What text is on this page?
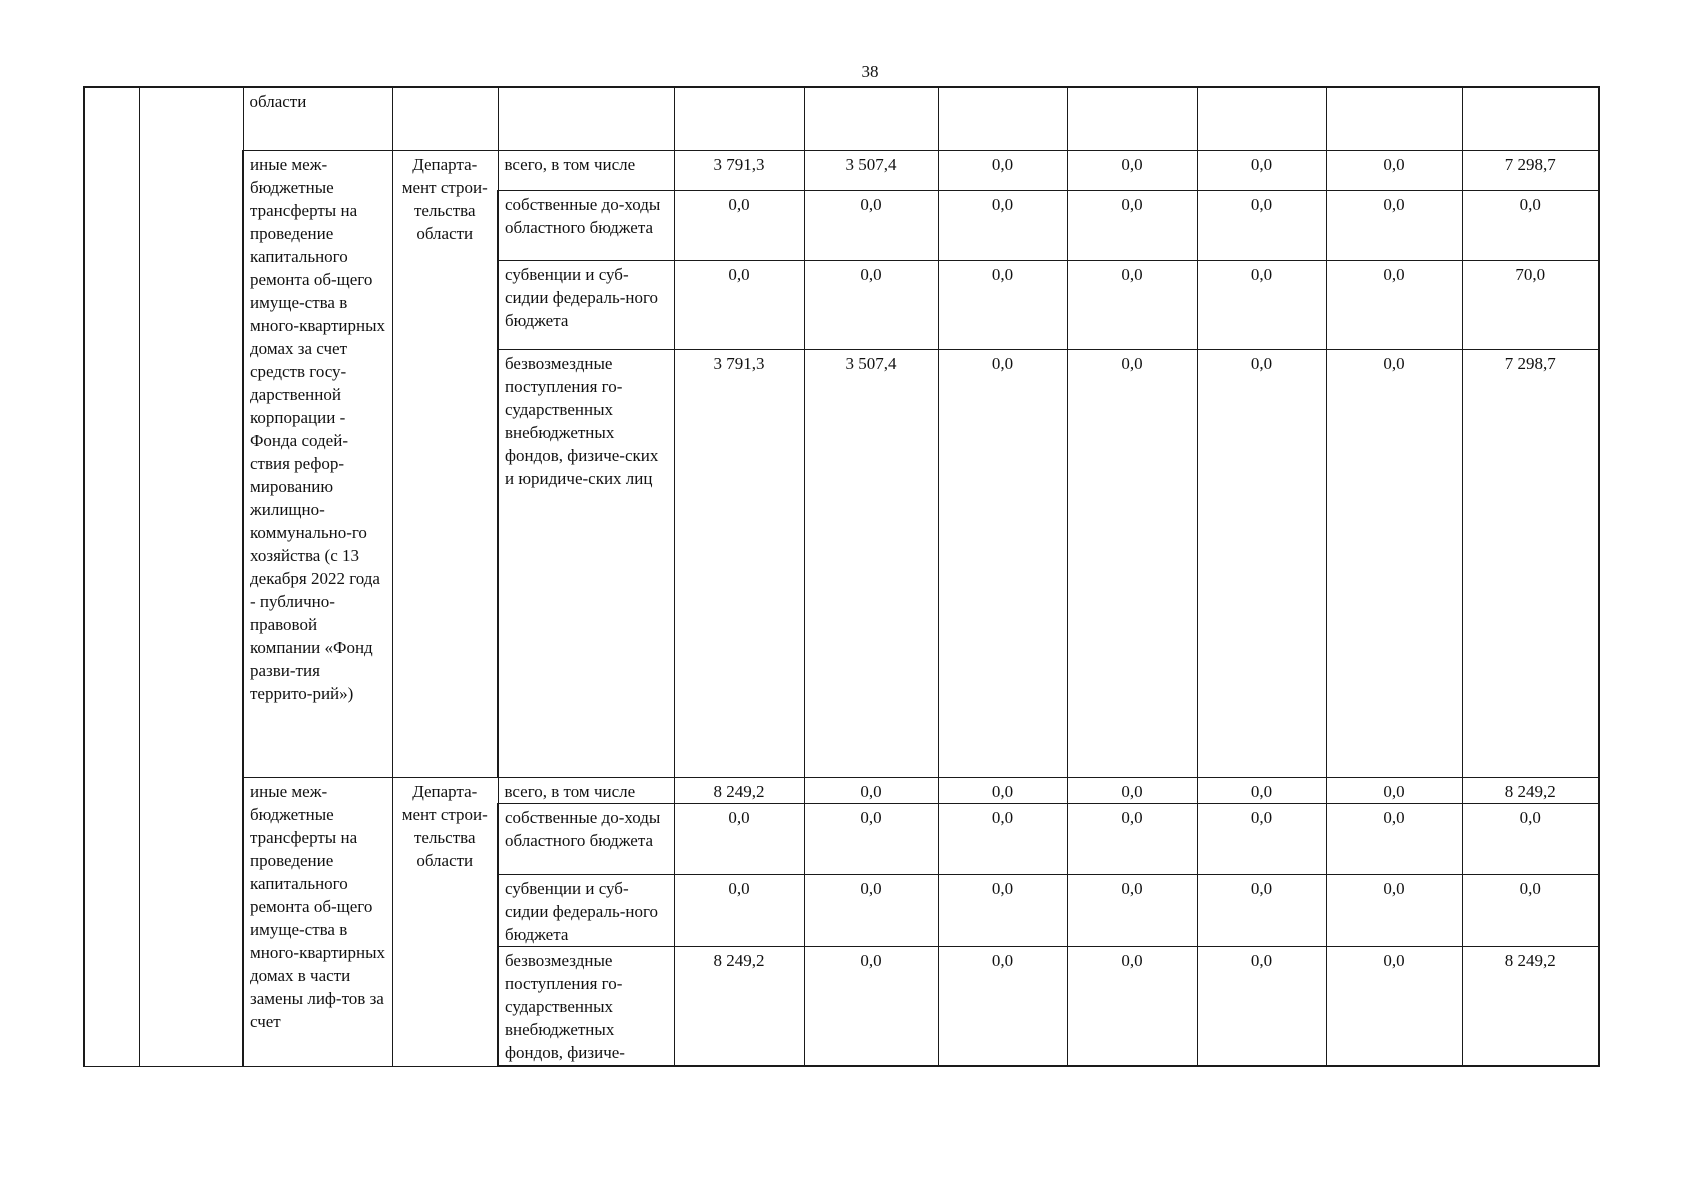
38
		области									
		иные меж-бюджетные трансферты на проведение капитального ремонта об-щего имуще-ства в много-квартирных домах за счет средств госу-дарственной корпорации - Фонда содей-ствия рефор-мированию жилищно-коммунально-го хозяйства (с 13 декабря 2022 года - публично-правовой компании «Фонд разви-тия террито-рий»)	Департа-мент строи-тельства области	всего, в том числе	3 791,3	3 507,4	0,0	0,0	0,0	0,0	7 298,7
				собственные до-ходы областного бюджета	0,0	0,0	0,0	0,0	0,0	0,0	0,0
				субвенции и суб-сидии федераль-ного бюджета	0,0	0,0	0,0	0,0	0,0	0,0	70,0
				безвозмездные поступления го-сударственных внебюджетных фондов, физиче-ских и юридиче-ских лиц	3 791,3	3 507,4	0,0	0,0	0,0	0,0	7 298,7
		иные меж-бюджетные трансферты на проведение капитального ремонта об-щего имуще-ства в много-квартирных домах в части замены лиф-тов за счет	Департа-мент строи-тельства области	всего, в том числе	8 249,2	0,0	0,0	0,0	0,0	0,0	8 249,2
				собственные до-ходы областного бюджета	0,0	0,0	0,0	0,0	0,0	0,0	0,0
				субвенции и суб-сидии федераль-ного бюджета	0,0	0,0	0,0	0,0	0,0	0,0	0,0
				безвозмездные поступления го-сударственных внебюджетных фондов, физиче-	8 249,2	0,0	0,0	0,0	0,0	0,0	8 249,2
